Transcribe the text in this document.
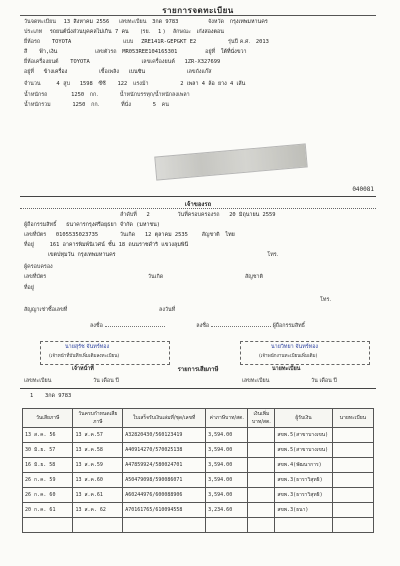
รายการจดทะเบียน
วันจดทะเบียน 13 สิงหาคม 2556 เลขทะเบียน 3กด 9783	จังหวัด กรุงเทพมหานคร
ประเภท รถยนต์นั่งส่วนบุคคลไม่เกิน 7 คน (รย. 1 ) ลักษณะ เก๋งสองตอน
ยี่ห้อรถ TOYOTA	แบบ ZRE141R-GEPGKT E2	รุ่นปี ค.ศ. 2013
สี ฟ้า,เงิน	เลขตัวรถ MR053REE104165301	อยู่ที่ ใต้ที่นั่งขวา
ยี่ห้อเครื่องยนต์ TOYOTA	เลขเครื่องยนต์ 1ZR-X327699
อยู่ที่ ข้างเครื่อง	เชื้อเพลิง เบนซิน	เลขถังแก๊ส
จำนวน	4 สูบ 1598 ซีซี 122 แรงม้า	2 เพลา 4 ล้อ ยาง 4 เส้น
น้ำหนักรถ	1250 กก.	น้ำหนักบรรทุก/น้ำหนักลงเพลา
น้ำหนักรวม	1250 กก.	ที่นั่ง	5 คน
040081
เจ้าของรถ
ลำดับที่ 2	วันที่ครอบครองรถ 20 มิถุนายน 2559
ผู้ถือกรรมสิทธิ์ ธนาคารกรุงศรีอยุธยา จำกัด (มหาชน)
เลขที่บัตร 0105535023735	วันเกิด 12 ตุลาคม 2535	สัญชาติ ไทย
ที่อยู่	161 อาคารพิมพ์นิเวศน์ ชั้น 18 ถนนราชดำริ แขวงลุมพินี
เขตปทุมวัน กรุงเทพมหานคร	โทร.
ผู้ครอบครอง
เลขที่บัตร	วันเกิด	สัญชาติ
ที่อยู่
โทร.
สัญญาเช่าซื้อเลขที่	ลงวันที่
ลงชื่อ	ลงชื่อ	ผู้ถือกรรมสิทธิ์
นายสุรัช จันทร์ทอง
(เจ้าหน้าที่บันทึกเพิ่มเติมลงทะเบียน)
นายวิทยา จันทร์ทอง
(เจ้าพนักงานทะเบียนเพิ่มเติม)
เจ้าหน้าที่	นายทะเบียน
รายการเสียภาษี
เลขทะเบียน	วัน เดือน ปี	เลขทะเบียน	วัน เดือน ปี
1 3กด 9783
วันเสียภาษี	วันครบกำหนดเสียภาษี	ใบเสร็จรับเงินเล่มที่/ชุด/เลขที่	ค่าภาษีบาท/สต.	เงินเพิ่มบาท/สต.	ผู้รับเงิน	นายทะเบียน
13 ส.ค. 56	13 ส.ค.57	A32820430/560123419	3,594.00		สขพ.5(สาขาบางเขน)	
30 มิ.ย. 57	13 ส.ค.58	A40914270/570025138	3,594.00		สขพ.5(สาขาบางเขน)	
16 มิ.ย. 58	13 ส.ค.59	A47859924/580024701	3,594.00		สขพ.4(พัฒนาการ)	
26 ก.ค. 59	13 ส.ค.60	A50479098/590086071	3,594.00		สขพ.3(ธาราวิสุทธิ)	
26 ก.ค. 60	13 ส.ค.61	A60244976/600088906	3,594.00		สขพ.3(ธาราวิสุทธิ)	
20 ก.ค. 61	13 ส.ค. 62	A70161765/610094558	3,234.60		สขพ.3(ธนา)	
